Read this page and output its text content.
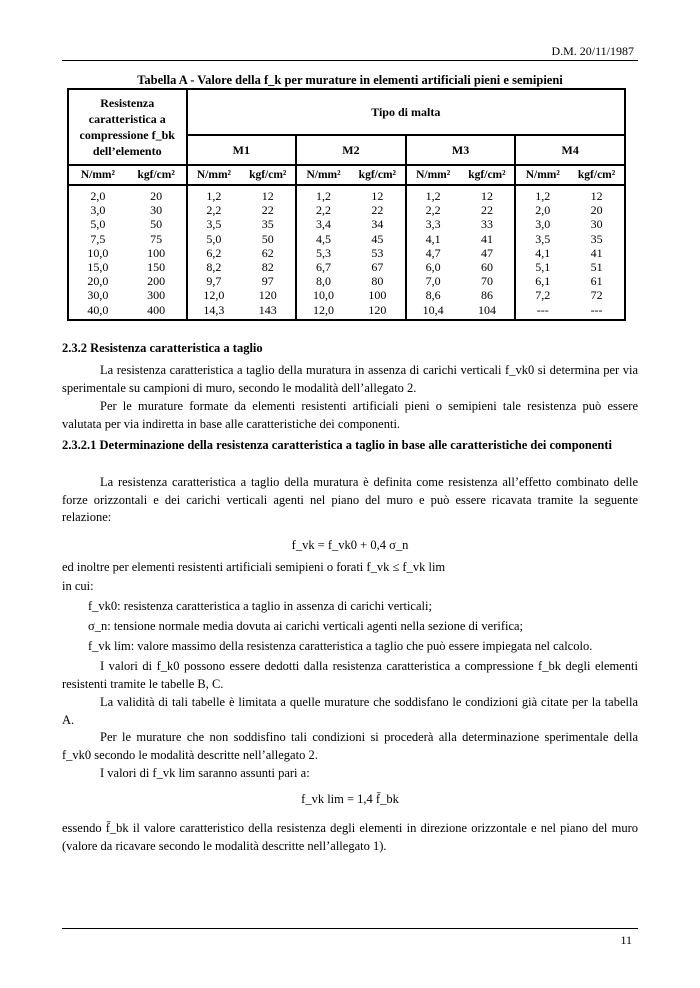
D.M. 20/11/1987
Tabella A - Valore della f_k per murature in elementi artificiali pieni e semipieni
Resistenza caratteristica a compressione f_bk dell’elemento		Tipo di malta							
		M1		M2		M3		M4	
N/mm²	kgf/cm²	N/mm²	kgf/cm²	N/mm²	kgf/cm²	N/mm²	kgf/cm²	N/mm²	kgf/cm²
2,0	20	1,2	12	1,2	12	1,2	12	1,2	12
3,0	30	2,2	22	2,2	22	2,2	22	2,0	20
5,0	50	3,5	35	3,4	34	3,3	33	3,0	30
7,5	75	5,0	50	4,5	45	4,1	41	3,5	35
10,0	100	6,2	62	5,3	53	4,7	47	4,1	41
15,0	150	8,2	82	6,7	67	6,0	60	5,1	51
20,0	200	9,7	97	8,0	80	7,0	70	6,1	61
30,0	300	12,0	120	10,0	100	8,6	86	7,2	72
40,0	400	14,3	143	12,0	120	10,4	104	---	---
2.3.2 Resistenza caratteristica a taglio
La resistenza caratteristica a taglio della muratura in assenza di carichi verticali f_vk0 si determina per via sperimentale su campioni di muro, secondo le modalità dell’allegato 2.
Per le murature formate da elementi resistenti artificiali pieni o semipieni tale resistenza può essere valutata per via indiretta in base alle caratteristiche dei componenti.
2.3.2.1 Determinazione della resistenza caratteristica a taglio in base alle caratteristiche dei componenti
La resistenza caratteristica a taglio della muratura è definita come resistenza all’effetto combinato delle forze orizzontali e dei carichi verticali agenti nel piano del muro e può essere ricavata tramite la seguente relazione:
f_vk = f_vk0 + 0,4 σ_n
ed inoltre per elementi resistenti artificiali semipieni o forati f_vk ≤ f_vk lim
in cui:
f_vk0: resistenza caratteristica a taglio in assenza di carichi verticali;
σ_n: tensione normale media dovuta ai carichi verticali agenti nella sezione di verifica;
f_vk lim: valore massimo della resistenza caratteristica a taglio che può essere impiegata nel calcolo.
I valori di f_k0 possono essere dedotti dalla resistenza caratteristica a compressione f_bk degli elementi resistenti tramite le tabelle B, C.
La validità di tali tabelle è limitata a quelle murature che soddisfano le condizioni già citate per la tabella A.
Per le murature che non soddisfino tali condizioni si procederà alla determinazione sperimentale della f_vk0 secondo le modalità descritte nell’allegato 2.
I valori di f_vk lim saranno assunti pari a:
f_vk lim = 1,4 f̄_bk
essendo f̄_bk il valore caratteristico della resistenza degli elementi in direzione orizzontale e nel piano del muro (valore da ricavare secondo le modalità descritte nell’allegato 1).
11
